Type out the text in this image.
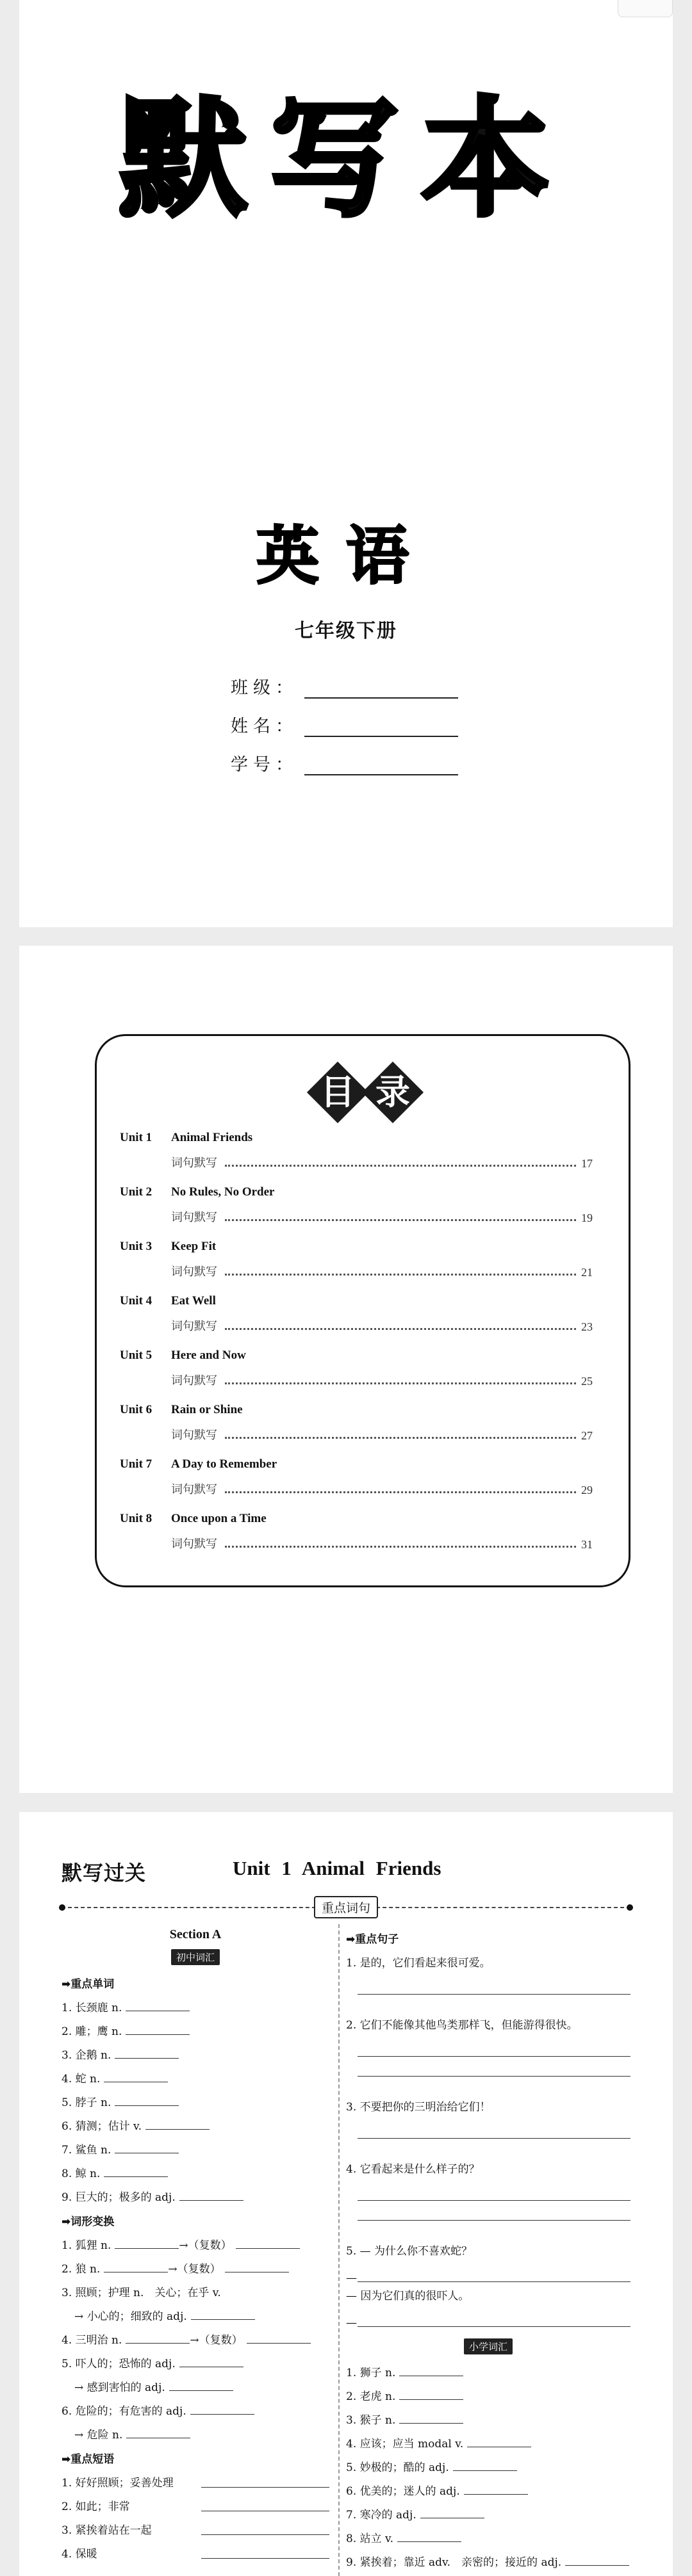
默写本
英语
七年级下册
班级：
姓名：
学号：
目 录
Unit 1 Animal Friends
词句默写	17
Unit 2 No Rules, No Order
词句默写	19
Unit 3 Keep Fit
词句默写	21
Unit 4 Eat Well
词句默写	23
Unit 5 Here and Now
词句默写	25
Unit 6 Rain or Shine
词句默写	27
Unit 7 A Day to Remember
词句默写	29
Unit 8 Once upon a Time
词句默写	31
默写过关	Unit 1 Animal Friends
重点词句
Section A
初中词汇
➡重点单词
1. 长颈鹿 n.
2. 雕；鹰 n.
3. 企鹅 n.
4. 蛇 n.
5. 脖子 n.
6. 猜测；估计 v.
7. 鲨鱼 n.
8. 鲸 n.
9. 巨大的；极多的 adj.
➡词形变换
1. 狐狸 n.	→（复数）
2. 狼 n.	→（复数）
3. 照顾；护理 n.　关心；在乎 v.
→ 小心的；细致的 adj.
4. 三明治 n.	→（复数）
5. 吓人的；恐怖的 adj.
→ 感到害怕的 adj.
6. 危险的；有危害的 adj.
→ 危险 n.
➡重点短语
1. 好好照顾；妥善处理
2. 如此；非常
3. 紧挨着站在一起
4. 保暖
➡重点句子
1. 是的，它们看起来很可爱。
2. 它们不能像其他鸟类那样飞，但能游得很快。
3. 不要把你的三明治给它们！
4. 它看起来是什么样子的？
5. — 为什么你不喜欢蛇？
—
— 因为它们真的很吓人。
—
小学词汇
1. 狮子 n.
2. 老虎 n.
3. 猴子 n.
4. 应该；应当 modal v.
5. 妙极的；酷的 adj.
6. 优美的；迷人的 adj.
7. 寒冷的 adj.
8. 站立 v.
9. 紧挨着；靠近 adv.　亲密的；接近的 adj.
